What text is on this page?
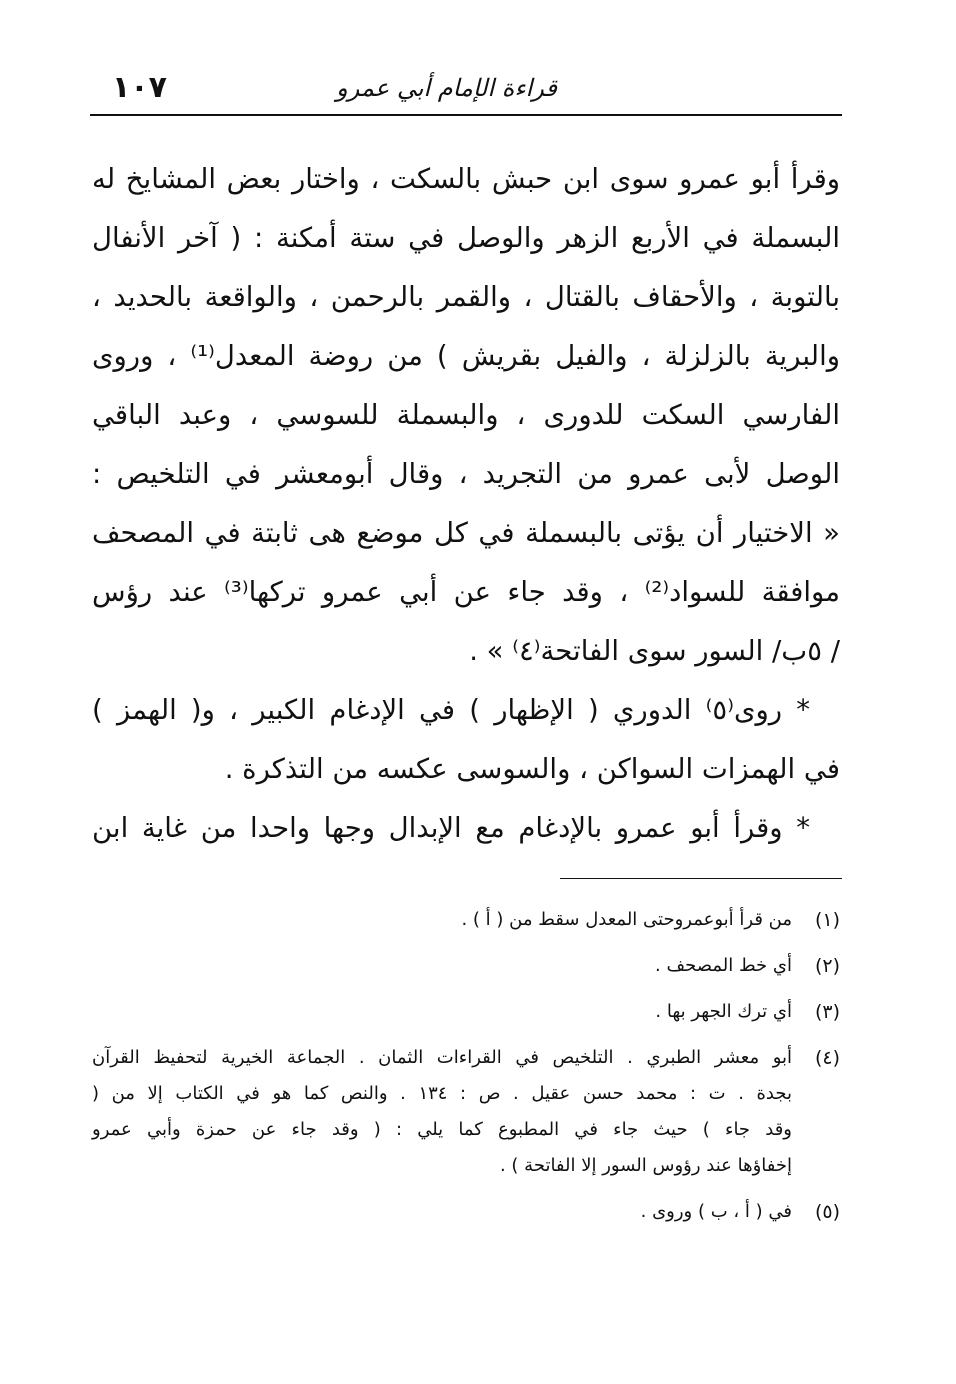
١٠٧	قراءة الإمام أبي عمرو
وقرأ أبو عمرو سوى ابن حبش بالسكت ، واختار بعض المشايخ له
البسملة في الأربع الزهر والوصل في ستة أمكنة : ( آخر الأنفال
بالتوبة ، والأحقاف بالقتال ، والقمر بالرحمن ، والواقعة بالحديد ،
والبرية بالزلزلة ، والفيل بقريش ) من روضة المعدل⁽¹⁾ ، وروى
الفارسي السكت للدورى ، والبسملة للسوسي ، وعبد الباقي
الوصل لأبى عمرو من التجريد ، وقال أبومعشر في التلخيص :
« الاختيار أن يؤتى بالبسملة في كل موضع هى ثابتة في المصحف
موافقة للسواد⁽²⁾ ، وقد جاء عن أبي عمرو تركها⁽³⁾ عند رؤس
/ ٥ب/ السور سوى الفاتحة⁽٤⁾ » .
* روى⁽٥⁾ الدوري ( الإظهار ) في الإدغام الكبير ، و( الهمز )
في الهمزات السواكن ، والسوسى عكسه من التذكرة .
* وقرأ أبو عمرو بالإدغام مع الإبدال وجها واحدا من غاية ابن
(١)
من قرأ أبوعمروحتى المعدل سقط من ( أ ) .
(٢)
أي خط المصحف .
(٣)
أي ترك الجهر بها .
(٤)
أبو معشر الطبري . التلخيص في القراءات الثمان . الجماعة الخيرية لتحفيظ القرآن
بجدة . ت : محمد حسن عقيل . ص : ١٣٤ . والنص كما هو في الكتاب إلا من (
وقد جاء ) حيث جاء في المطبوع كما يلي : ( وقد جاء عن حمزة وأبي عمرو
إخفاؤها عند رؤوس السور إلا الفاتحة ) .
(٥)
في ( أ ، ب ) وروى .
